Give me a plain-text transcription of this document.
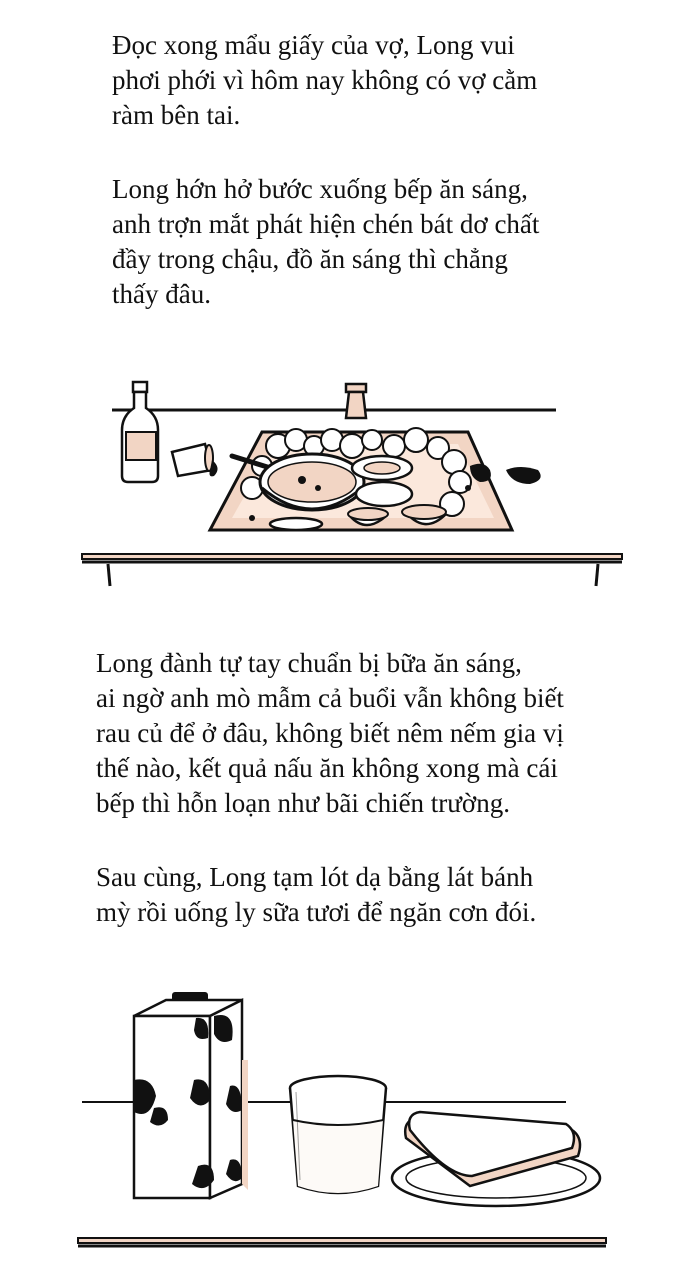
Đọc xong mẩu giấy của vợ, Long vui
phơi phới vì hôm nay không có vợ cằm
ràm bên tai.
Long hớn hở bước xuống bếp ăn sáng,
anh trợn mắt phát hiện chén bát dơ chất
đầy trong chậu, đồ ăn sáng thì chẳng
thấy đâu.
Long đành tự tay chuẩn bị bữa ăn sáng,
ai ngờ anh mò mẫm cả buổi vẫn không biết
rau củ để ở đâu, không biết nêm nếm gia vị
thế nào, kết quả nấu ăn không xong mà cái
bếp thì hỗn loạn như bãi chiến trường.
Sau cùng, Long tạm lót dạ bằng lát bánh
mỳ rồi uống ly sữa tươi để ngăn cơn đói.
